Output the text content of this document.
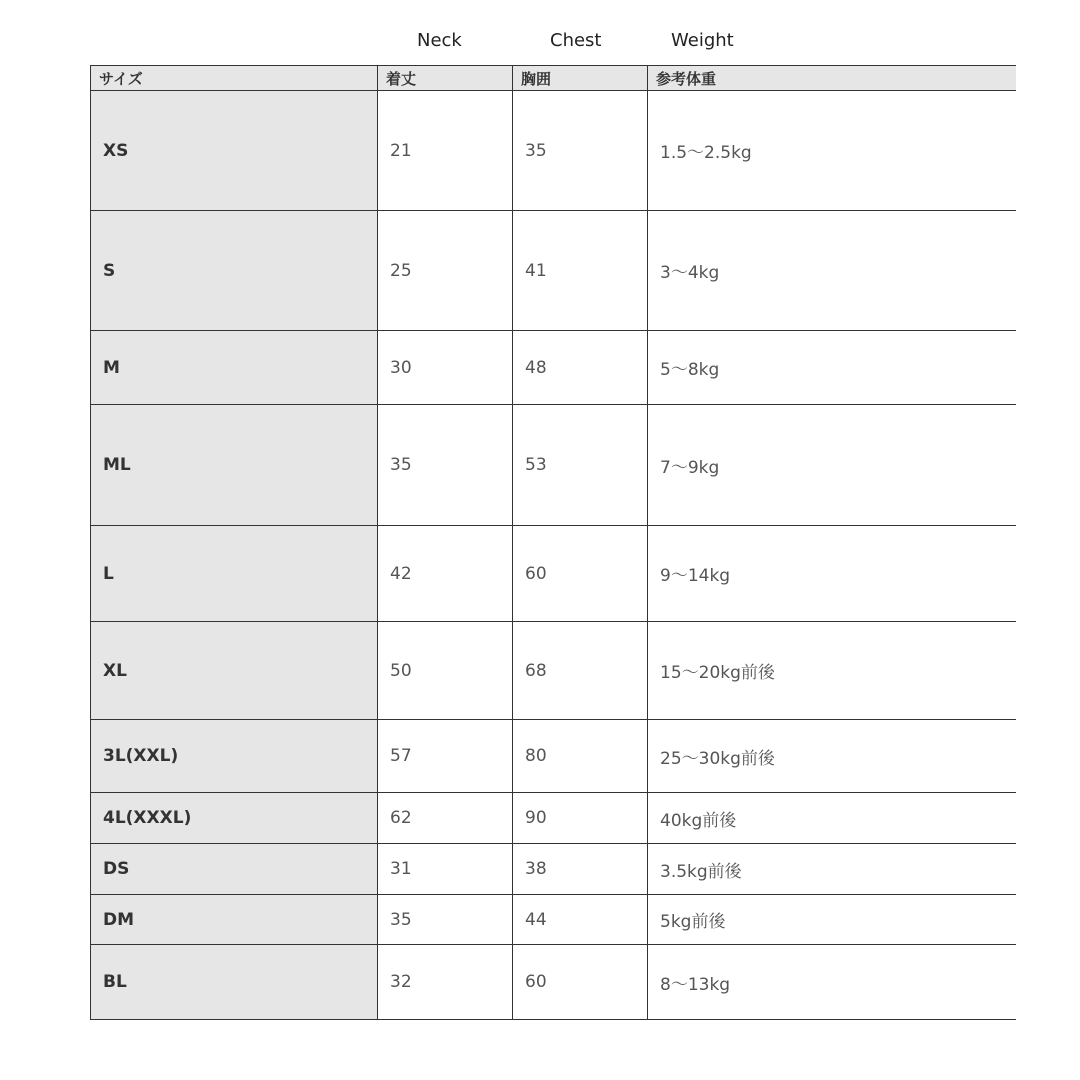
Neck	Chest	Weight
サイズ	着丈	胸囲	参考体重
XS	21	35	1.5〜2.5kg
S	25	41	3〜4kg
M	30	48	5〜8kg
ML	35	53	7〜9kg
L	42	60	9〜14kg
XL	50	68	15〜20kg前後
3L(XXL)	57	80	25〜30kg前後
4L(XXXL)	62	90	40kg前後
DS	31	38	3.5kg前後
DM	35	44	5kg前後
BL	32	60	8〜13kg
